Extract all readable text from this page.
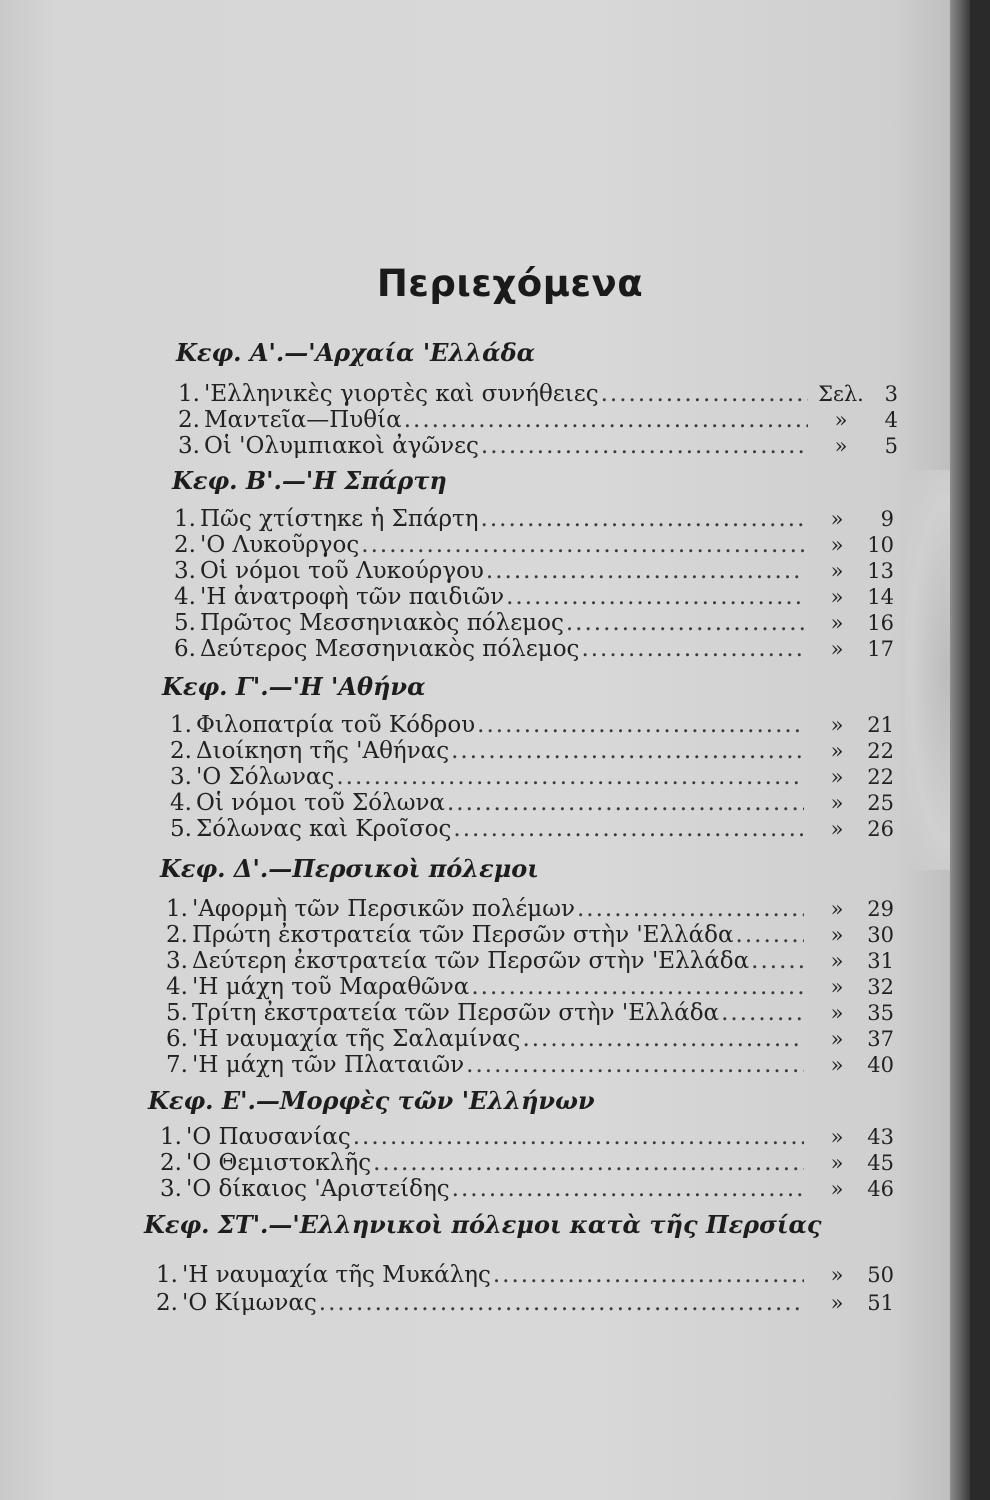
Περιεχόμενα
Κεφ. Α'.—'Αρχαία 'Ελλάδα
1. 'Ελληνικὲς γιορτὲς καὶ συνήθειες .....	Σελ. 3
2. Μαντεῖα—Πυθία .....	»	4
3. Οἱ 'Ολυμπιακοὶ ἀγῶνες .....	»	5
Κεφ. Β'.—'Η Σπάρτη
1. Πῶς χτίστηκε ἡ Σπάρτη .....	»	9
2. 'Ο Λυκοῦργος .....	»	10
3. Οἱ νόμοι τοῦ Λυκούργου .....	»	13
4. 'Η ἀνατροφὴ τῶν παιδιῶν .....	»	14
5. Πρῶτος Μεσσηνιακὸς πόλεμος .....	»	16
6. Δεύτερος Μεσσηνιακὸς πόλεμος .....	»	17
Κεφ. Γ'.—'Η 'Αθήνα
1. Φιλοπατρία τοῦ Κόδρου .....	»	21
2. Διοίκηση τῆς 'Αθήνας .....	»	22
3. 'Ο Σόλωνας .....	»	22
4. Οἱ νόμοι τοῦ Σόλωνα .....	»	25
5. Σόλωνας καὶ Κροῖσος .....	»	26
Κεφ. Δ'.—Περσικοὶ πόλεμοι
1. 'Αφορμὴ τῶν Περσικῶν πολέμων .....	»	29
2. Πρώτη ἐκστρατεία τῶν Περσῶν στὴν 'Ελλάδα .....	»	30
3. Δεύτερη ἐκστρατεία τῶν Περσῶν στὴν 'Ελλάδα .....	»	31
4. 'Η μάχη τοῦ Μαραθῶνα .....	»	32
5. Τρίτη ἐκστρατεία τῶν Περσῶν στὴν 'Ελλάδα .....	»	35
6. 'Η ναυμαχία τῆς Σαλαμίνας .....	»	37
7. 'Η μάχη τῶν Πλαταιῶν .....	»	40
Κεφ. Ε'.—Μορφὲς τῶν 'Ελλήνων
1. 'Ο Παυσανίας .....	»	43
2. 'Ο Θεμιστοκλῆς .....	»	45
3. 'Ο δίκαιος 'Αριστείδης .....	»	46
Κεφ. ΣΤ'.—'Ελληνικοὶ πόλεμοι κατὰ τῆς Περσίας
1. 'Η ναυμαχία τῆς Μυκάλης .....	»	50
2. 'Ο Κίμωνας .....	»	51
